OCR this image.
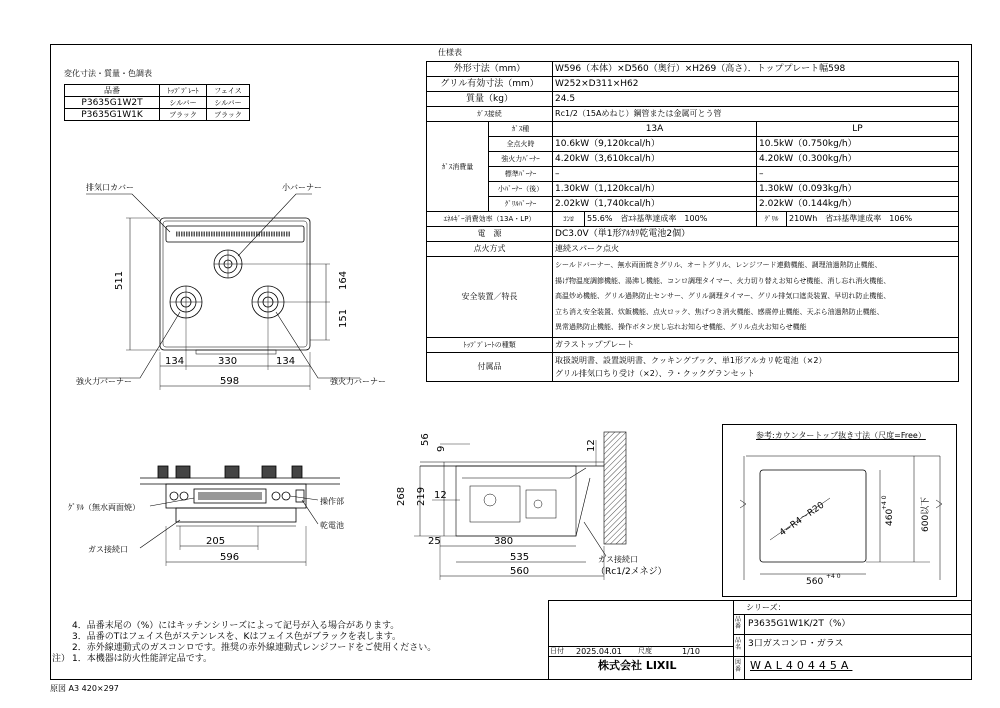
変化寸法・質量・色調表
品番	ﾄｯﾌﾟﾌﾟﾚｰﾄ	フェイス
P3635G1W2T	シルバー	シルバー
P3635G1W1K	ブラック	ブラック
仕様表
外形寸法（mm）		W596（本体）×D560（奥行）×H269（高さ）．トッププレート幅598			
グリル有効寸法（mm）		W252×D311×H62			
質量（kg）		24.5			
ｶﾞｽ接続		Rc1/2（15Aめねじ）鋼管または金属可とう管			
ｶﾞｽ消費量	ｶﾞｽ種	13A		LP	
	全点火時	10.6kW（9,120kcal/h）		10.5kW（0.750kg/h）	
	強火力ﾊﾞｰﾅｰ	4.20kW（3,610kcal/h）		4.20kW（0.300kg/h）	
	標準ﾊﾞｰﾅｰ	–		–	
	小ﾊﾞｰﾅｰ（後）	1.30kW（1,120kcal/h）		1.30kW（0.093kg/h）	
	ｸﾞﾘﾙﾊﾞｰﾅｰ	2.02kW（1,740kcal/h）		2.02kW（0.144kg/h）	
ｴﾈﾙｷﾞｰ消費効率（13A・LP）		ｺﾝﾛ	55.6%　省ｴﾈ基準達成率　100%	ｸﾞﾘﾙ	210Wh　省ｴﾈ基準達成率　106%
電　源		DC3.0V（単1形ｱﾙｶﾘ乾電池2個）			
点火方式		連続スパーク点火			
安全装置／特長		シールドバーナー、無水両面焼きグリル、オートグリル、レンジフード連動機能、調理油過熱防止機能、
揚げ物温度調節機能、湯沸し機能、コンロ調理タイマー、火力切り替えお知らせ機能、消し忘れ消火機能、
高温炒め機能、グリル過熱防止センサー、グリル調理タイマー、グリル排気口遮炎装置、早切れ防止機能、
立ち消え安全装置、炊飯機能、点火ロック、焦げつき消火機能、感震停止機能、天ぷら油過熱防止機能、
異常過熱防止機能、操作ボタン戻し忘れお知らせ機能、グリル点火お知らせ機能			

ﾄｯﾌﾟﾌﾟﾚｰﾄの種類		ガラストッププレート			
付属品		取扱説明書、設置説明書、クッキングブック、単1形アルカリ乾電池（×2）
グリル排気口ちり受け（×2）、ラ・クックグランセット			
排気口カバー	小バーナー
強火力バーナー	強火力バーナー
511	164
151
134	330	134
598
ｸﾞﾘﾙ（無水両面焼）
ガス接続口
操作部
乾電池
205
596
56
9	12
268 219 12
25	380
535
560
ガス接続口
（Rc1/2メネジ）
参考:カウンタートップ抜き寸法（尺度=Free）
4−R4〜R20	460
+4 0	600以下
560
+4 0
4．品番末尾の（%）にはキッチンシリーズによって記号が入る場合があります。
3．品番のTはフェイス色がステンレスを、Kはフェイス色がブラックを表します。
2．赤外線連動式のガスコンロです。推奨の赤外線連動式レンジフードをご使用ください。
注） 1．本機器は防火性能評定品です。
原図 A3 420×297
日付 2025.04.01 尺度	1/10
株式会社 LIXIL
シリーズ：
品番 P3635G1W1K/2T（%）
品名 3口ガスコンロ・ガラス
図番 WAL40445A
